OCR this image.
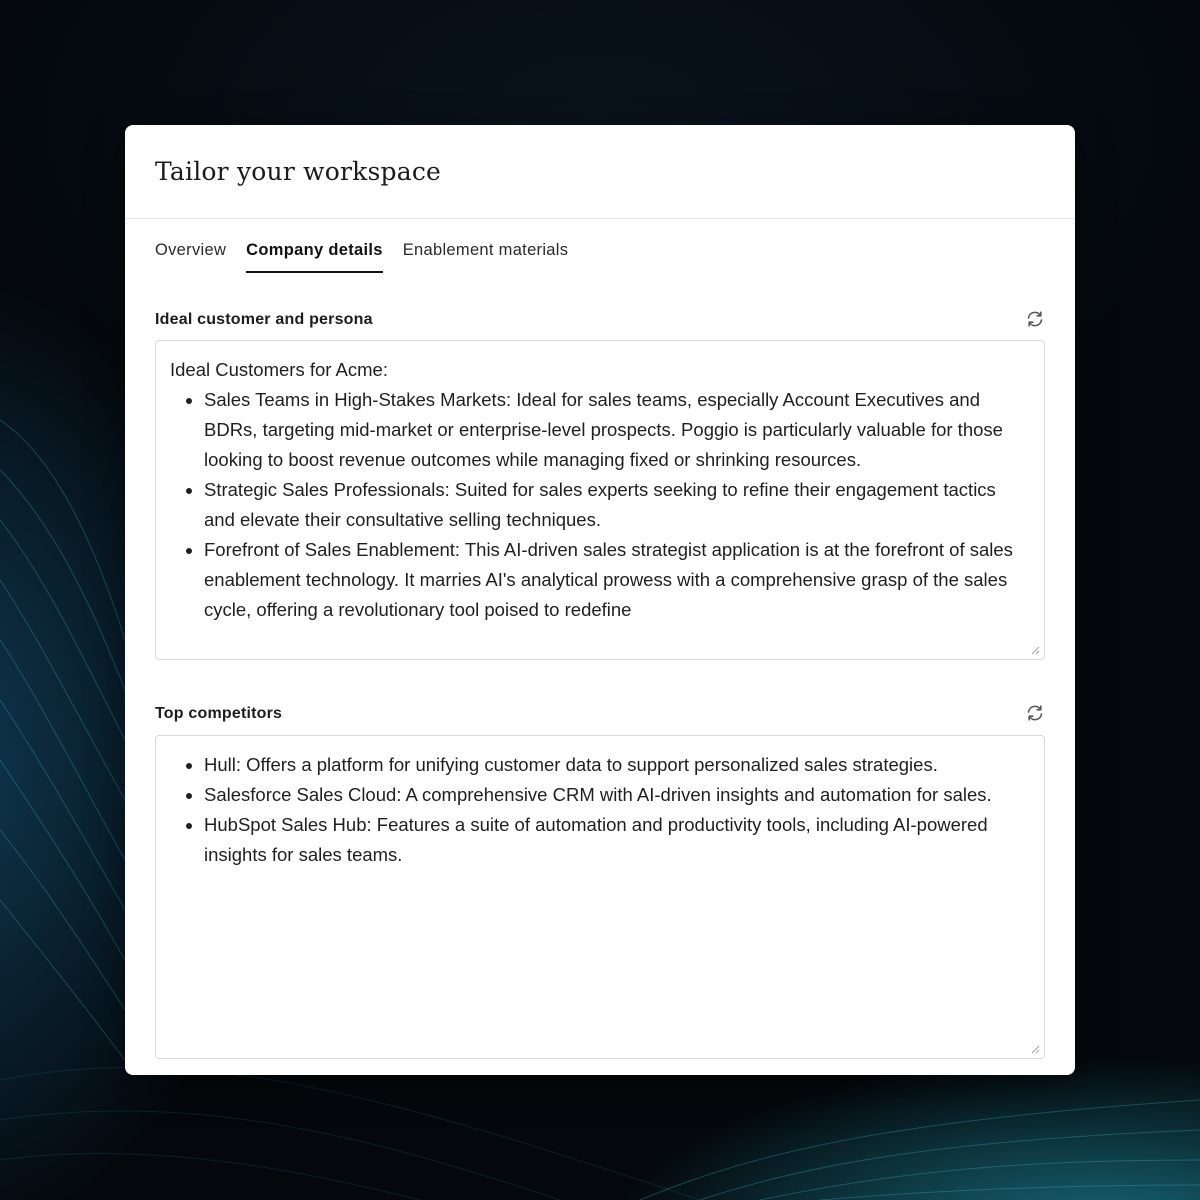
Tailor your workspace
Overview Company details Enablement materials
Ideal customer and persona

Ideal Customers for Acme:

• Sales Teams in High-Stakes Markets: Ideal for sales teams, especially Account Executives and BDRs, targeting mid-market or enterprise-level prospects. Poggio is particularly valuable for those looking to boost revenue outcomes while managing fixed or shrinking resources.
• Strategic Sales Professionals: Suited for sales experts seeking to refine their engagement tactics and elevate their consultative selling techniques.
• Forefront of Sales Enablement: This AI-driven sales strategist application is at the forefront of sales enablement technology. It marries AI's analytical prowess with a comprehensive grasp of the sales cycle, offering a revolutionary tool poised to redefine
Top competitors
• Hull: Offers a platform for unifying customer data to support personalized sales strategies.
• Salesforce Sales Cloud: A comprehensive CRM with AI-driven insights and automation for sales.
• HubSpot Sales Hub: Features a suite of automation and productivity tools, including AI-powered insights for sales teams.
